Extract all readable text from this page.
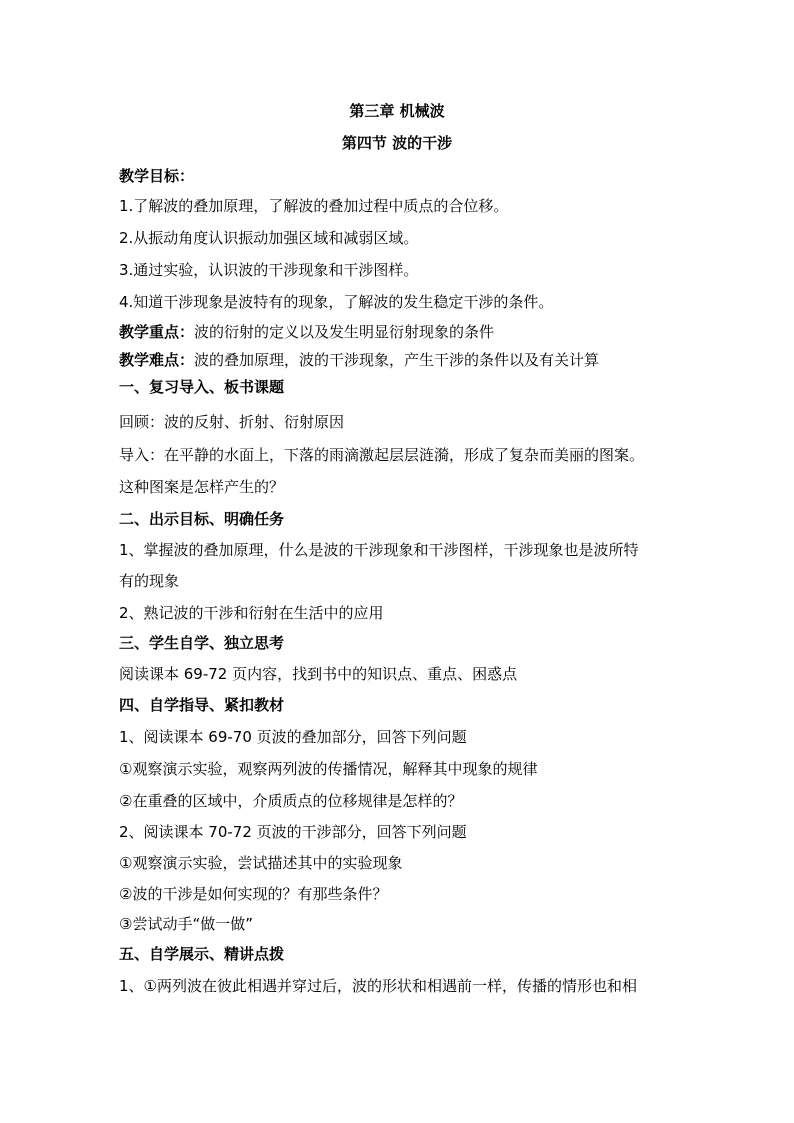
第三章 机械波
第四节 波的干涉
教学目标：
1.了解波的叠加原理，了解波的叠加过程中质点的合位移。
2.从振动角度认识振动加强区域和减弱区域。
3.通过实验，认识波的干涉现象和干涉图样。
4.知道干涉现象是波特有的现象，了解波的发生稳定干涉的条件。
教学重点：波的衍射的定义以及发生明显衍射现象的条件
教学难点：波的叠加原理，波的干涉现象，产生干涉的条件以及有关计算
一、复习导入、板书课题
回顾：波的反射、折射、衍射原因
导入：在平静的水面上，下落的雨滴激起层层涟漪，形成了复杂而美丽的图案。
这种图案是怎样产生的？
二、出示目标、明确任务
1、掌握波的叠加原理，什么是波的干涉现象和干涉图样，干涉现象也是波所特
有的现象
2、熟记波的干涉和衍射在生活中的应用
三、学生自学、独立思考
阅读课本 69-72 页内容，找到书中的知识点、重点、困惑点
四、自学指导、紧扣教材
1、阅读课本 69-70 页波的叠加部分，回答下列问题
①观察演示实验，观察两列波的传播情况，解释其中现象的规律
②在重叠的区域中，介质质点的位移规律是怎样的？
2、阅读课本 70-72 页波的干涉部分，回答下列问题
①观察演示实验，尝试描述其中的实验现象
②波的干涉是如何实现的？有那些条件？
③尝试动手“做一做”
五、自学展示、精讲点拨
1、①两列波在彼此相遇并穿过后，波的形状和相遇前一样，传播的情形也和相
